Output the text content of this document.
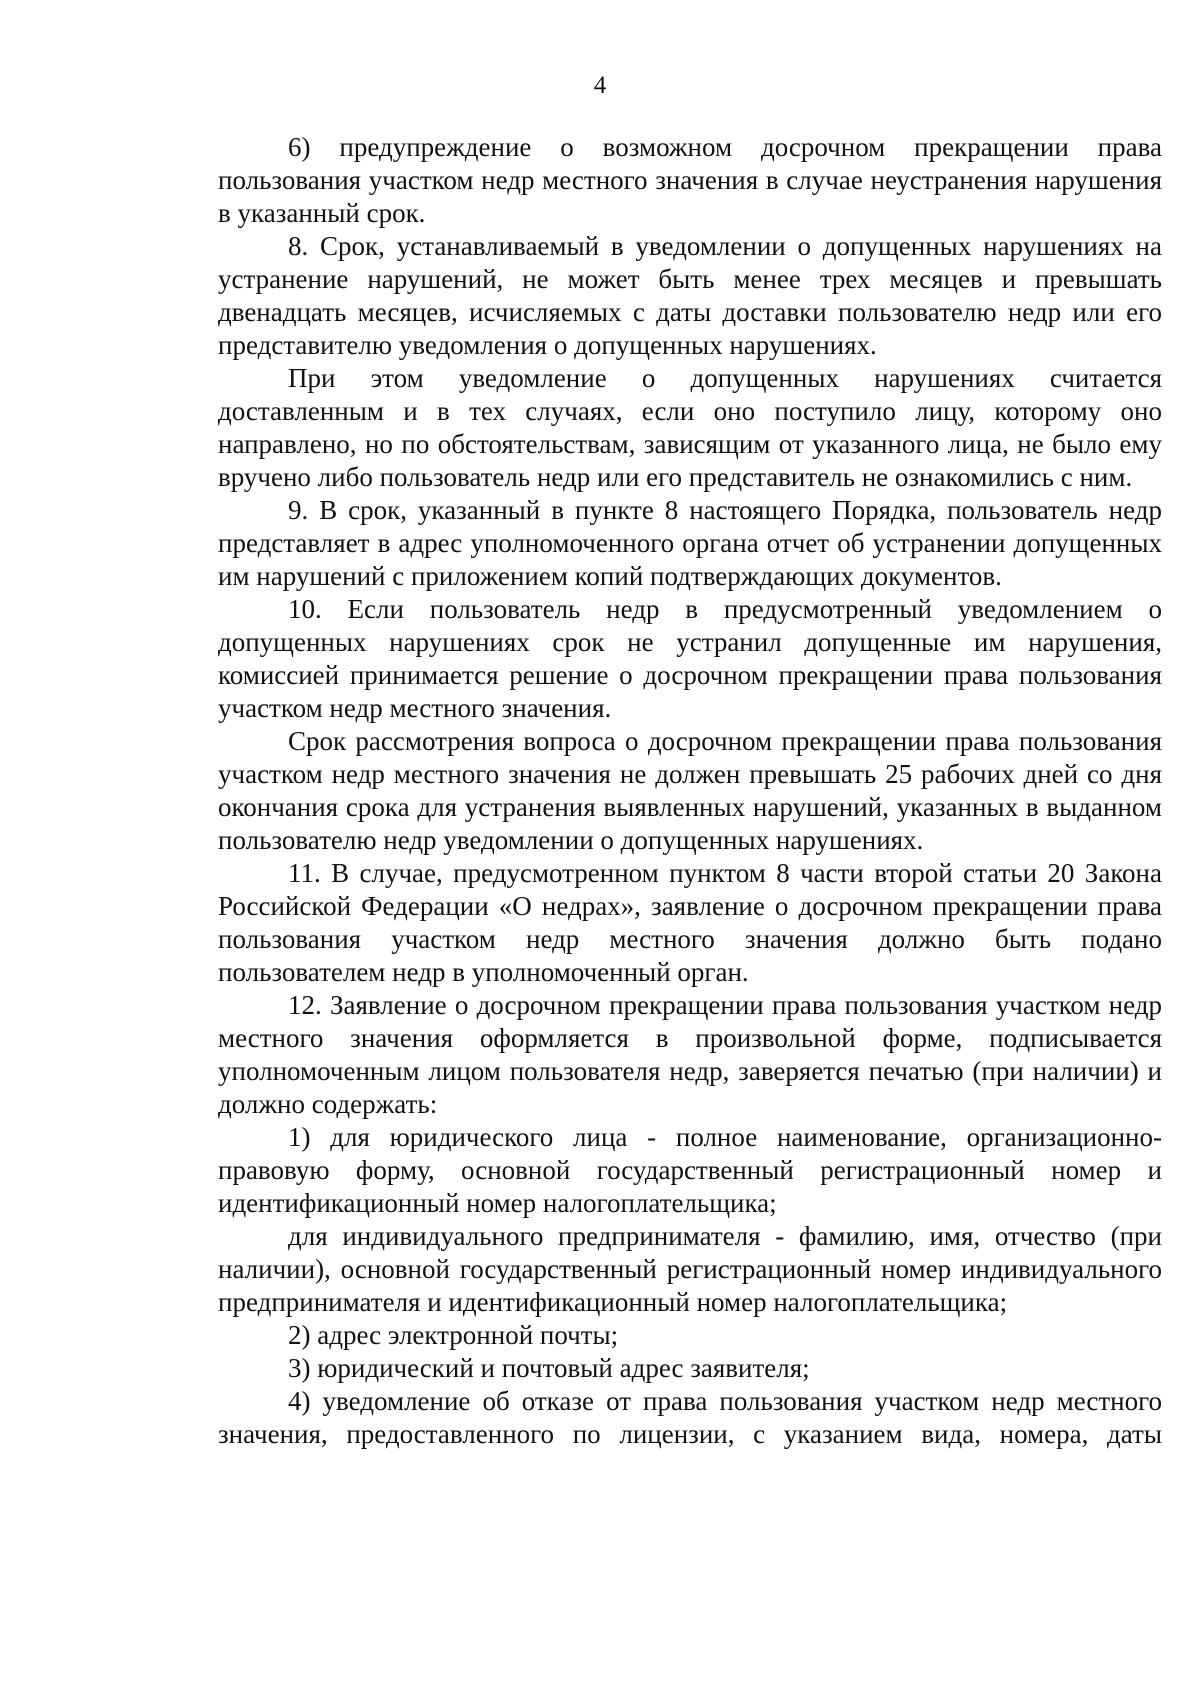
4

6) предупреждение о возможном досрочном прекращении права пользования участком недр местного значения в случае неустранения нарушения в указанный срок.

8. Срок, устанавливаемый в уведомлении о допущенных нарушениях на устранение нарушений, не может быть менее трех месяцев и превышать двенадцать месяцев, исчисляемых с даты доставки пользователю недр или его представителю уведомления о допущенных нарушениях.

При этом уведомление о допущенных нарушениях считается доставленным и в тех случаях, если оно поступило лицу, которому оно направлено, но по обстоятельствам, зависящим от указанного лица, не было ему вручено либо пользователь недр или его представитель не ознакомились с ним.

9. В срок, указанный в пункте 8 настоящего Порядка, пользователь недр представляет в адрес уполномоченного органа отчет об устранении допущенных им нарушений с приложением копий подтверждающих документов.

10. Если пользователь недр в предусмотренный уведомлением о допущенных нарушениях срок не устранил допущенные им нарушения, комиссией принимается решение о досрочном прекращении права пользования участком недр местного значения.

Срок рассмотрения вопроса о досрочном прекращении права пользования участком недр местного значения не должен превышать 25 рабочих дней со дня окончания срока для устранения выявленных нарушений, указанных в выданном пользователю недр уведомлении о допущенных нарушениях.

11. В случае, предусмотренном пунктом 8 части второй статьи 20 Закона Российской Федерации «О недрах», заявление о досрочном прекращении права пользования участком недр местного значения должно быть подано пользователем недр в уполномоченный орган.

12. Заявление о досрочном прекращении права пользования участком недр местного значения оформляется в произвольной форме, подписывается уполномоченным лицом пользователя недр, заверяется печатью (при наличии) и должно содержать:

1) для юридического лица - полное наименование, организационно-правовую форму, основной государственный регистрационный номер и идентификационный номер налогоплательщика;

для индивидуального предпринимателя - фамилию, имя, отчество (при наличии), основной государственный регистрационный номер индивидуального предпринимателя и идентификационный номер налогоплательщика;

2) адрес электронной почты;

3) юридический и почтовый адрес заявителя;

4) уведомление об отказе от права пользования участком недр местного значения, предоставленного по лицензии, с указанием вида, номера, даты
